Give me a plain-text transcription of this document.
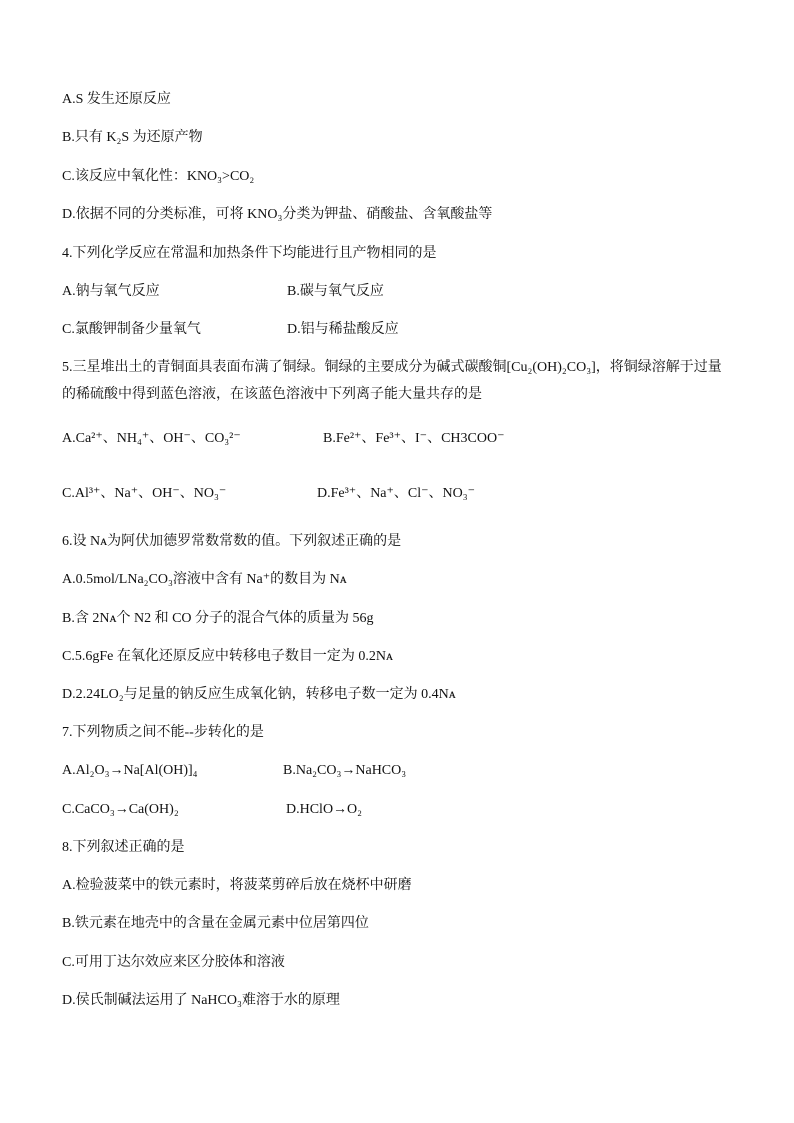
A.S 发生还原反应
B.只有 K₂S 为还原产物
C.该反应中氧化性：KNO₃>CO₂
D.依据不同的分类标准，可将 KNO₃分类为钾盐、硝酸盐、含氧酸盐等
4.下列化学反应在常温和加热条件下均能进行且产物相同的是
A.钠与氧气反应	B.碳与氧气反应
C.氯酸钾制备少量氧气	D.铝与稀盐酸反应
5.三星堆出土的青铜面具表面布满了铜绿。铜绿的主要成分为碱式碳酸铜[Cu₂(OH)₂CO₃]，将铜绿溶解于过量的稀硫酸中得到蓝色溶液，在该蓝色溶液中下列离子能大量共存的是
A.Ca²⁺、NH₄⁺、OH⁻、CO₃²⁻	B.Fe²⁺、Fe³⁺、I⁻、CH3COO⁻
C.Al³⁺、Na⁺、OH⁻、NO₃⁻	D.Fe³⁺、Na⁺、Cl⁻、NO₃⁻
6.设 Nᴀ为阿伏加德罗常数常数的值。下列叙述正确的是
A.0.5mol/LNa₂CO₃溶液中含有 Na⁺的数目为 Nᴀ
B.含 2Nᴀ个 N2 和 CO 分子的混合气体的质量为 56g
C.5.6gFe 在氧化还原反应中转移电子数目一定为 0.2Nᴀ
D.2.24LO₂与足量的钠反应生成氧化钠，转移电子数一定为 0.4Nᴀ
7.下列物质之间不能--步转化的是
A.Al₂O₃→Na[Al(OH)]₄	B.Na₂CO₃→NaHCO₃
C.CaCO₃→Ca(OH)₂	D.HClO→O₂
8.下列叙述正确的是
A.检验菠菜中的铁元素时，将菠菜剪碎后放在烧杯中研磨
B.铁元素在地壳中的含量在金属元素中位居第四位
C.可用丁达尔效应来区分胶体和溶液
D.侯氏制碱法运用了 NaHCO₃难溶于水的原理
